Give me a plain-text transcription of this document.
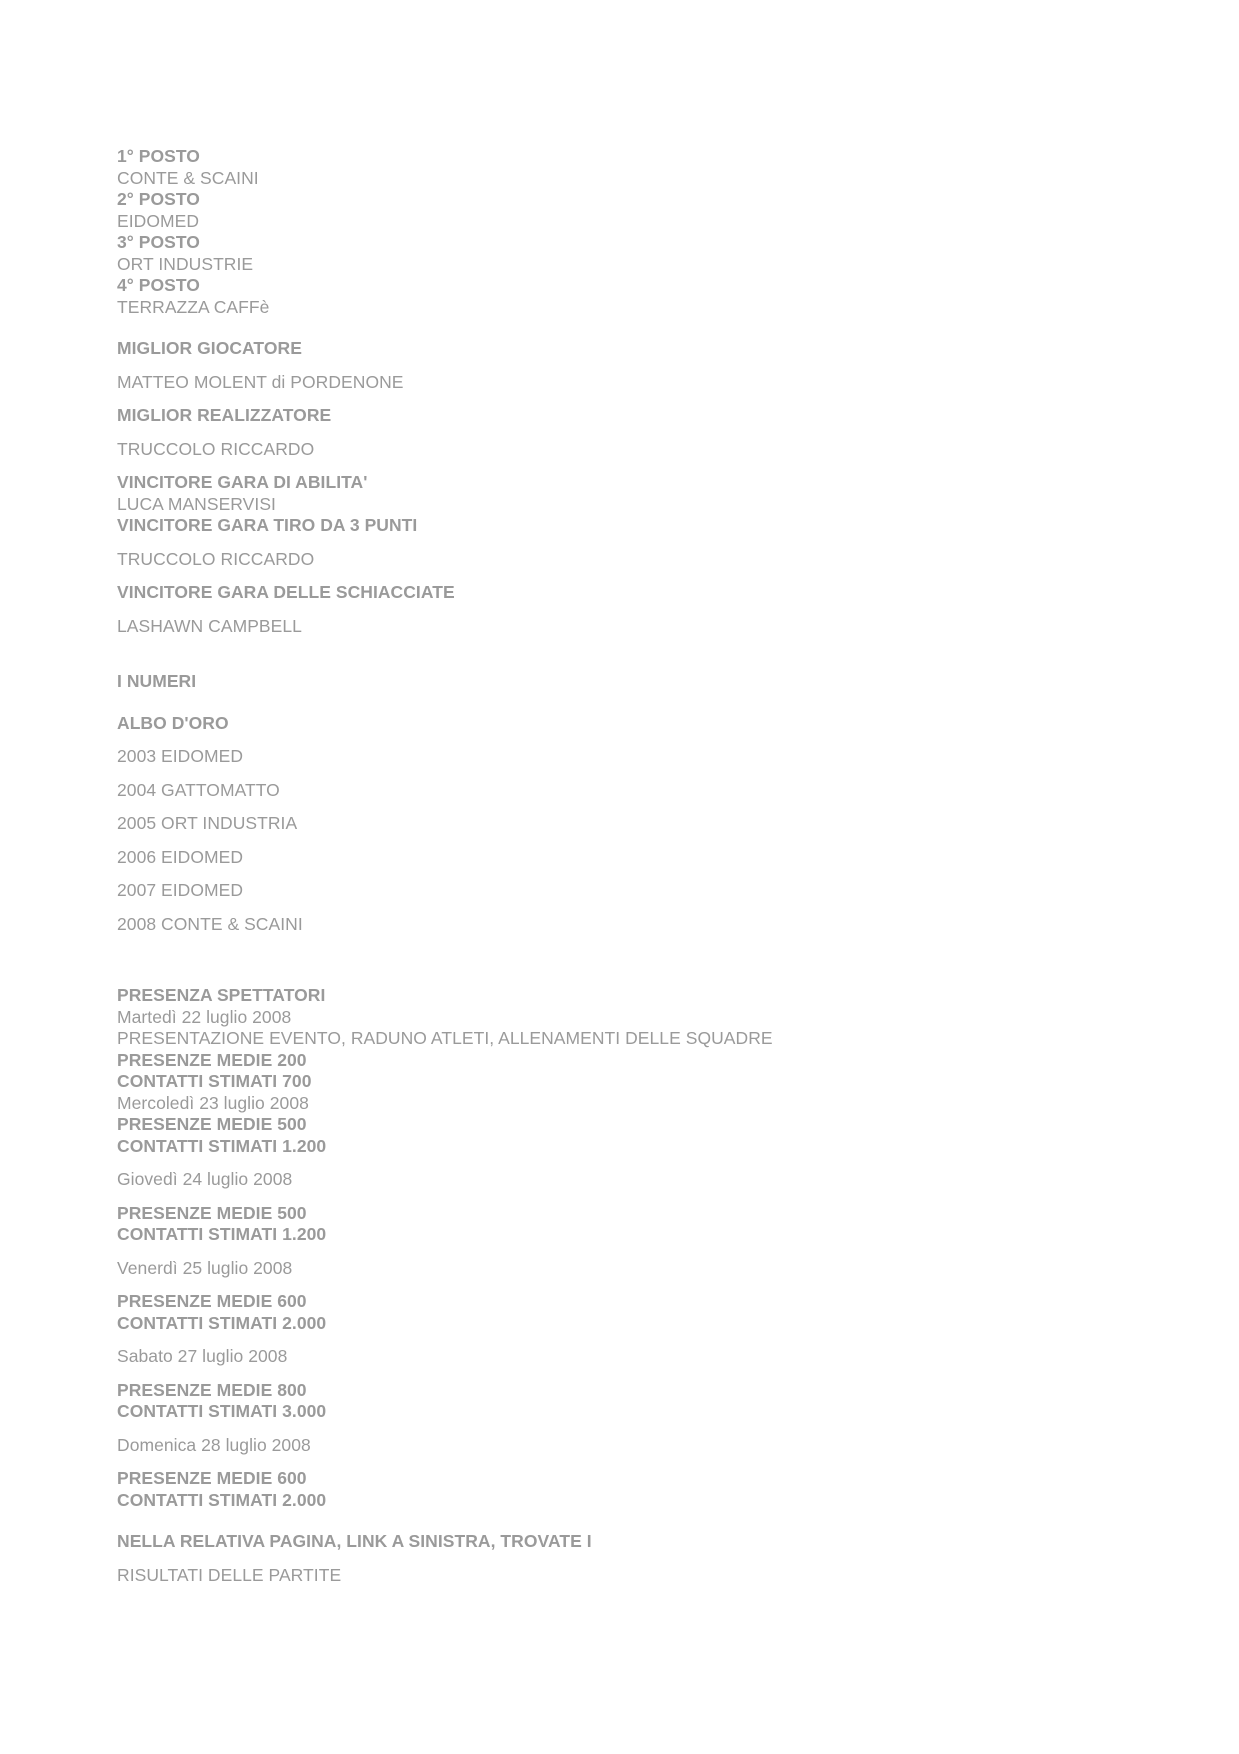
1° POSTO
CONTE & SCAINI
2° POSTO
EIDOMED
3° POSTO
ORT INDUSTRIE
4° POSTO
TERRAZZA CAFFè
MIGLIOR GIOCATORE
MATTEO MOLENT di PORDENONE
MIGLIOR REALIZZATORE
TRUCCOLO RICCARDO
VINCITORE GARA DI ABILITA'
LUCA MANSERVISI
VINCITORE GARA TIRO DA 3 PUNTI
TRUCCOLO RICCARDO
VINCITORE GARA DELLE SCHIACCIATE
LASHAWN CAMPBELL
I NUMERI
ALBO D'ORO
2003 EIDOMED
2004 GATTOMATTO
2005 ORT INDUSTRIA
2006 EIDOMED
2007 EIDOMED
2008 CONTE & SCAINI
PRESENZA SPETTATORI
Martedì 22 luglio 2008
PRESENTAZIONE EVENTO, RADUNO ATLETI, ALLENAMENTI DELLE SQUADRE
PRESENZE MEDIE 200
CONTATTI STIMATI 700
Mercoledì 23 luglio 2008
PRESENZE MEDIE 500
CONTATTI STIMATI 1.200
Giovedì 24 luglio 2008
PRESENZE MEDIE 500
CONTATTI STIMATI 1.200
Venerdì 25 luglio 2008
PRESENZE MEDIE 600
CONTATTI STIMATI 2.000
Sabato 27 luglio 2008
PRESENZE MEDIE 800
CONTATTI STIMATI 3.000
Domenica 28 luglio 2008
PRESENZE MEDIE 600
CONTATTI STIMATI 2.000
NELLA RELATIVA PAGINA, LINK A SINISTRA, TROVATE I
RISULTATI DELLE PARTITE
